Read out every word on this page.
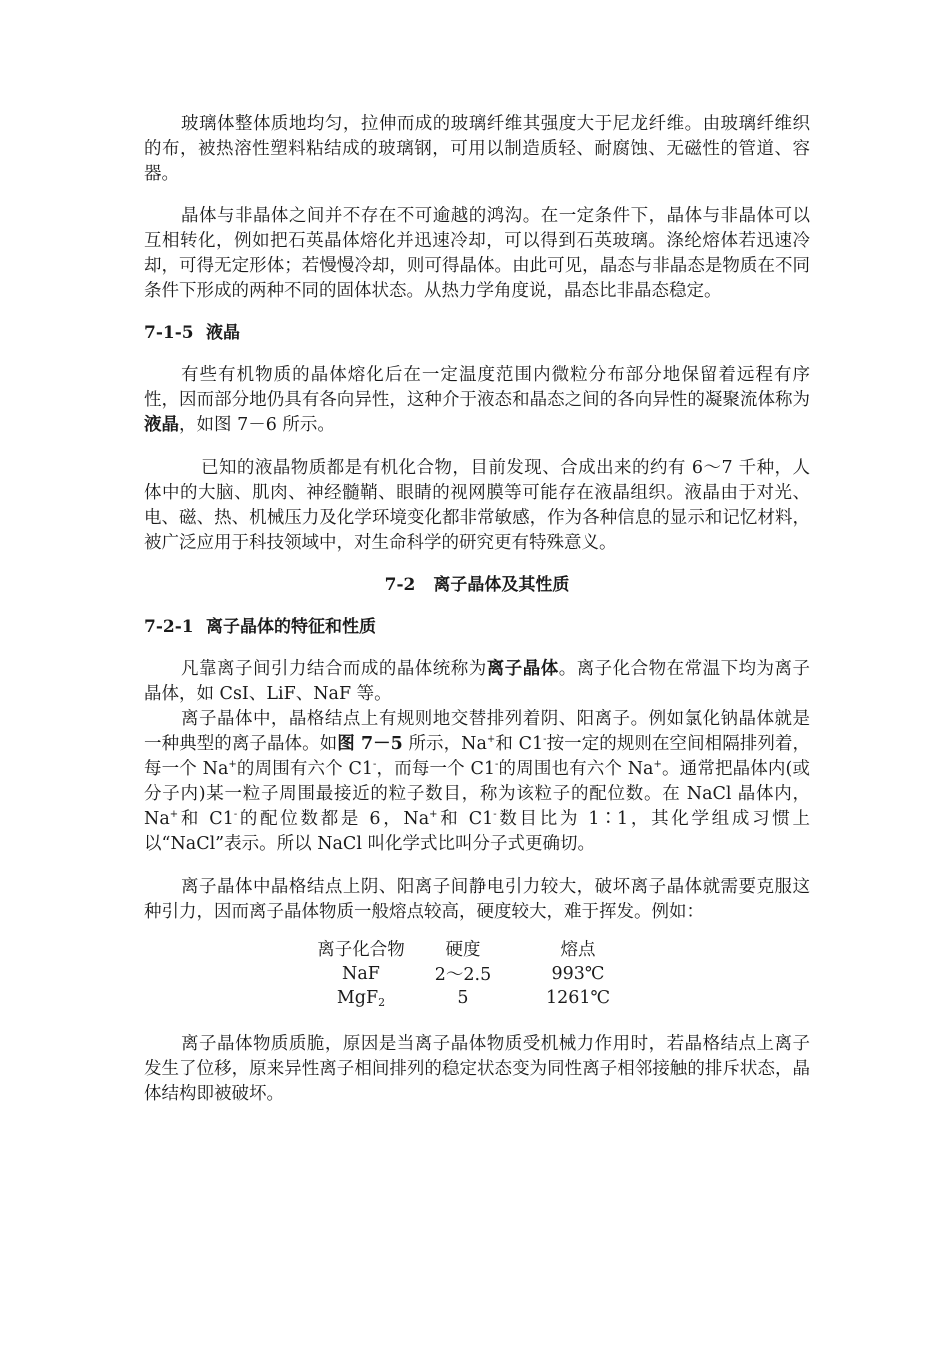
玻璃体整体质地均匀，拉伸而成的玻璃纤维其强度大于尼龙纤维。由玻璃纤维织的布，被热溶性塑料粘结成的玻璃钢，可用以制造质轻、耐腐蚀、无磁性的管道、容器。

晶体与非晶体之间并不存在不可逾越的鸿沟。在一定条件下，晶体与非晶体可以互相转化，例如把石英晶体熔化并迅速冷却，可以得到石英玻璃。涤纶熔体若迅速冷却，可得无定形体；若慢慢冷却，则可得晶体。由此可见，晶态与非晶态是物质在不同条件下形成的两种不同的固体状态。从热力学角度说，晶态比非晶态稳定。

7-1-5 液晶

有些有机物质的晶体熔化后在一定温度范围内微粒分布部分地保留着远程有序性，因而部分地仍具有各向异性，这种介于液态和晶态之间的各向异性的凝聚流体称为液晶，如图 7－6 所示。

已知的液晶物质都是有机化合物，目前发现、合成出来的约有 6～7 千种，人体中的大脑、肌肉、神经髓鞘、眼睛的视网膜等可能存在液晶组织。液晶由于对光、电、磁、热、机械压力及化学环境变化都非常敏感，作为各种信息的显示和记忆材料，被广泛应用于科技领域中，对生命科学的研究更有特殊意义。

7-2 离子晶体及其性质
7-2-1 离子晶体的特征和性质

凡靠离子间引力结合而成的晶体统称为离子晶体。离子化合物在常温下均为离子晶体，如 CsI、LiF、NaF 等。

离子晶体中，晶格结点上有规则地交替排列着阴、阳离子。例如氯化钠晶体就是一种典型的离子晶体。如图 7－5 所示，Na+和 C1-按一定的规则在空间相隔排列着，每一个 Na+的周围有六个 C1-，而每一个 C1-的周围也有六个 Na+。通常把晶体内(或分子内)某一粒子周围最接近的粒子数目，称为该粒子的配位数。在 NaCl 晶体内，Na+和 C1-的配位数都是 6，Na+和 C1-数目比为 1∶1，其化学组成习惯上以“NaCl”表示。所以 NaCl 叫化学式比叫分子式更确切。

离子晶体中晶格结点上阴、阳离子间静电引力较大，破坏离子晶体就需要克服这种引力，因而离子晶体物质一般熔点较高，硬度较大，难于挥发。例如：

离子化合物	硬度	熔点
NaF	2～2.5	993℃
MgF$_2$	5	1261℃

离子晶体物质质脆，原因是当离子晶体物质受机械力作用时，若晶格结点上离子发生了位移，原来异性离子相间排列的稳定状态变为同性离子相邻接触的排斥状态，晶体结构即被破坏。
